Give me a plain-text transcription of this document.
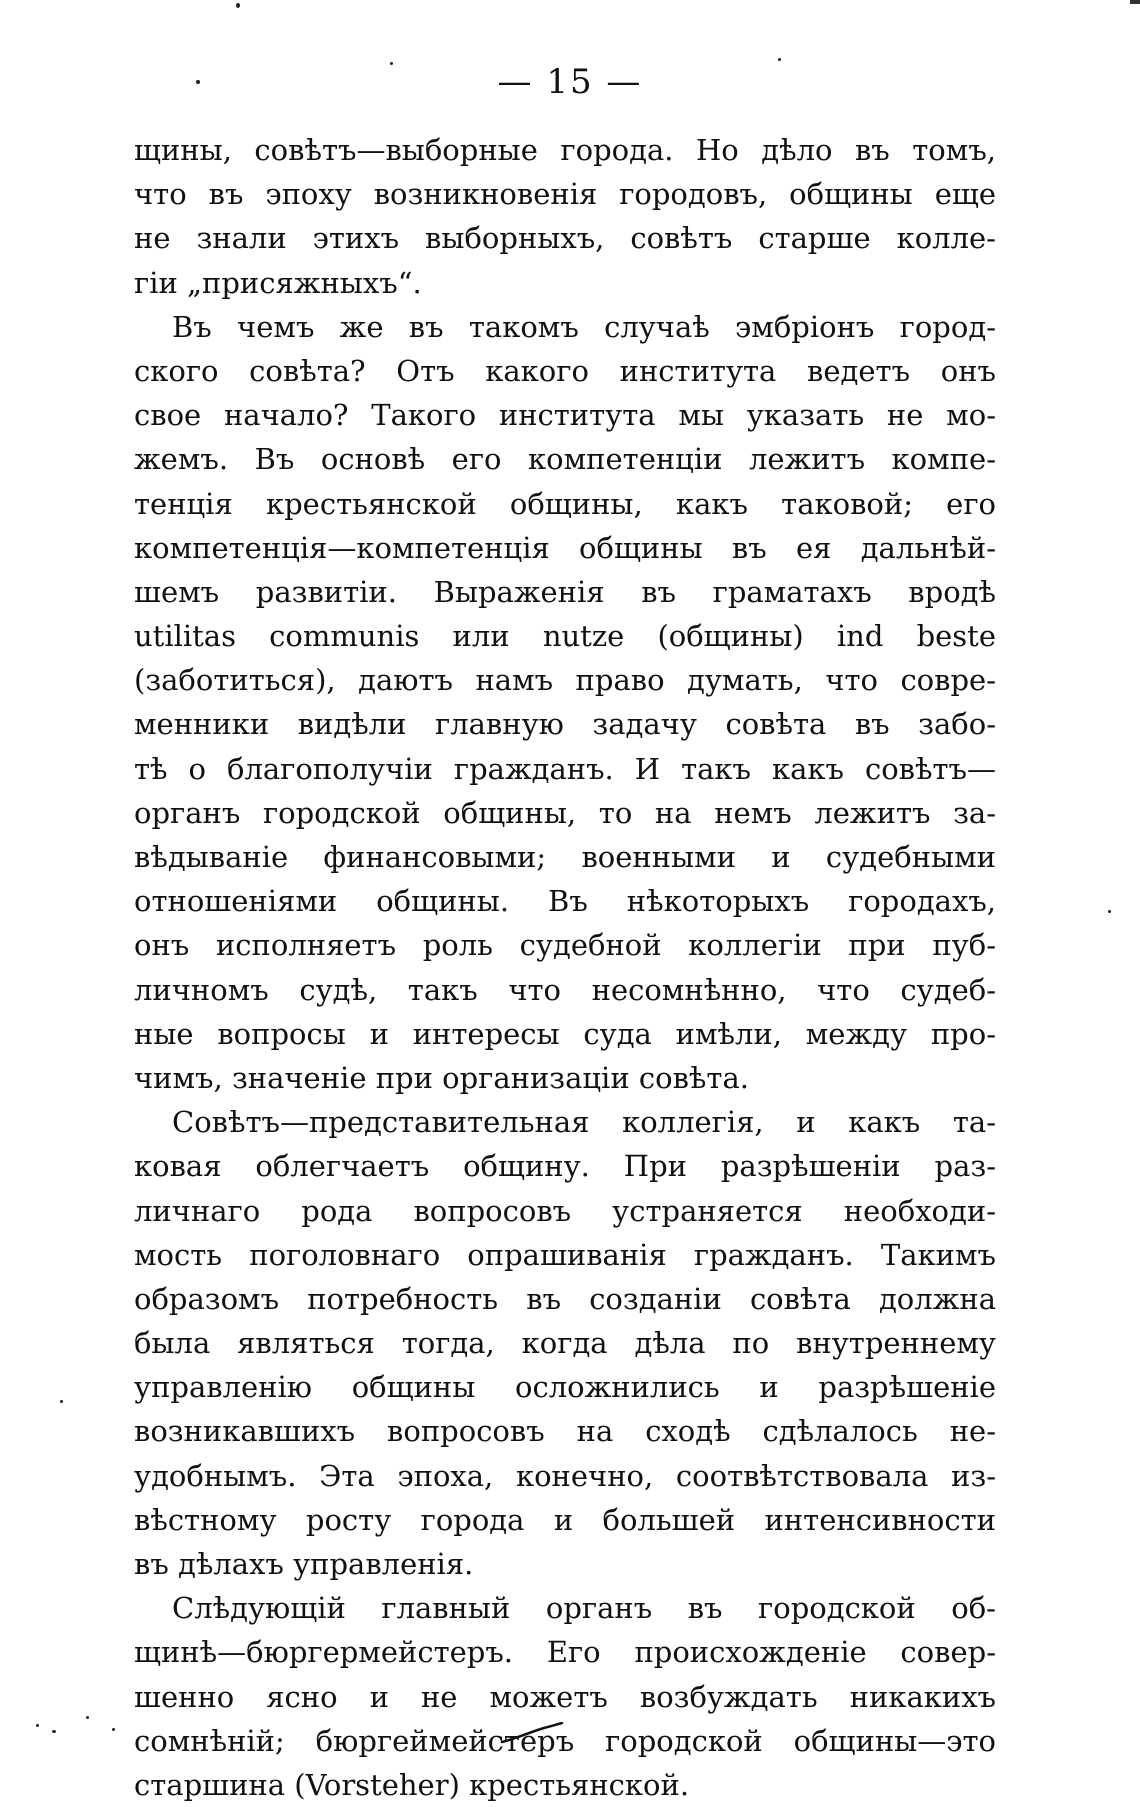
— 15 —
щины, совѣтъ—выборные города. Но дѣло въ томъ,
что въ эпоху возникновенія городовъ, общины еще
не знали этихъ выборныхъ, совѣтъ старше колле-
гіи „присяжныхъ“.
Въ чемъ же въ такомъ случаѣ эмбріонъ город-
ского совѣта? Отъ какого института ведетъ онъ
свое начало? Такого института мы указать не мо-
жемъ. Въ основѣ его компетенціи лежитъ компе-
тенція крестьянской общины, какъ таковой; его
компетенція—компетенція общины въ ея дальнѣй-
шемъ развитіи. Выраженія въ граматахъ вродѣ
utilitas communis или nutze (общины) ind beste
(заботиться), даютъ намъ право думать, что совре-
менники видѣли главную задачу совѣта въ забо-
тѣ о благополучіи гражданъ. И такъ какъ совѣтъ—
органъ городской общины, то на немъ лежитъ за-
вѣдываніе финансовыми; военными и судебными
отношеніями общины. Въ нѣкоторыхъ городахъ,
онъ исполняетъ роль судебной коллегіи при пуб-
личномъ судѣ, такъ что несомнѣнно, что судеб-
ные вопросы и интересы суда имѣли, между про-
чимъ, значеніе при организаціи совѣта.
Совѣтъ—представительная коллегія, и какъ та-
ковая облегчаетъ общину. При разрѣшеніи раз-
личнаго рода вопросовъ устраняется необходи-
мость поголовнаго опрашиванія гражданъ. Такимъ
образомъ потребность въ созданіи совѣта должна
была являться тогда, когда дѣла по внутреннему
управленію общины осложнились и разрѣшеніе
возникавшихъ вопросовъ на сходѣ сдѣлалось не-
удобнымъ. Эта эпоха, конечно, соотвѣтствовала из-
вѣстному росту города и большей интенсивности
въ дѣлахъ управленія.
Слѣдующій главный органъ въ городской об-
щинѣ—бюргермейстеръ. Его происхожденіе совер-
шенно ясно и не можетъ возбуждать никакихъ
сомнѣній; бюргеймейстеръ городской общины—это
старшина (Vorsteher) крестьянской.
